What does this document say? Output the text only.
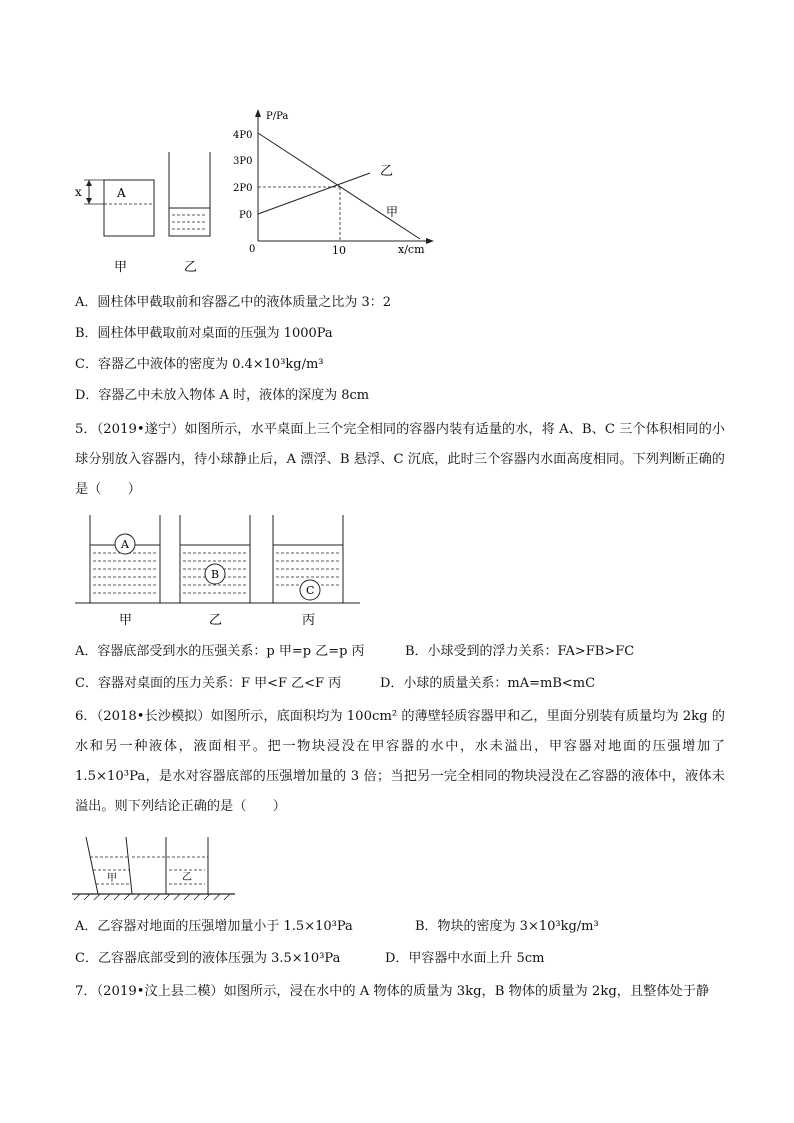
x	A
甲	乙
P/Pa
x/cm
4P0
3P0
2P0
P0
0	10
乙
甲
A．圆柱体甲截取前和容器乙中的液体质量之比为 3：2
B．圆柱体甲截取前对桌面的压强为 1000Pa
C．容器乙中液体的密度为 0.4×10³kg/m³
D．容器乙中未放入物体 A 时，液体的深度为 8cm
5．（2019•遂宁）如图所示，水平桌面上三个完全相同的容器内装有适量的水，将 A、B、C 三个体积相同的小球分别放入容器内，待小球静止后，A 漂浮、B 悬浮、C 沉底，此时三个容器内水面高度相同。下列判断正确的是（　　）
A
B
C
甲	乙	丙
A．容器底部受到水的压强关系：p 甲=p 乙=p 丙	B．小球受到的浮力关系：FA>FB>FC
C．容器对桌面的压力关系：F 甲<F 乙<F 丙	D．小球的质量关系：mA=mB<mC
6．（2018•长沙模拟）如图所示，底面积均为 100cm² 的薄壁轻质容器甲和乙，里面分别装有质量均为 2kg 的水和另一种液体，液面相平。把一物块浸没在甲容器的水中，水未溢出，甲容器对地面的压强增加了 1.5×10³Pa，是水对容器底部的压强增加量的 3 倍；当把另一完全相同的物块浸没在乙容器的液体中，液体未溢出。则下列结论正确的是（　　）
甲	乙
A．乙容器对地面的压强增加量小于 1.5×10³Pa	B．物块的密度为 3×10³kg/m³
C．乙容器底部受到的液体压强为 3.5×10³Pa	D．甲容器中水面上升 5cm
7．（2019•汶上县二模）如图所示，浸在水中的 A 物体的质量为 3kg，B 物体的质量为 2kg，且整体处于静
